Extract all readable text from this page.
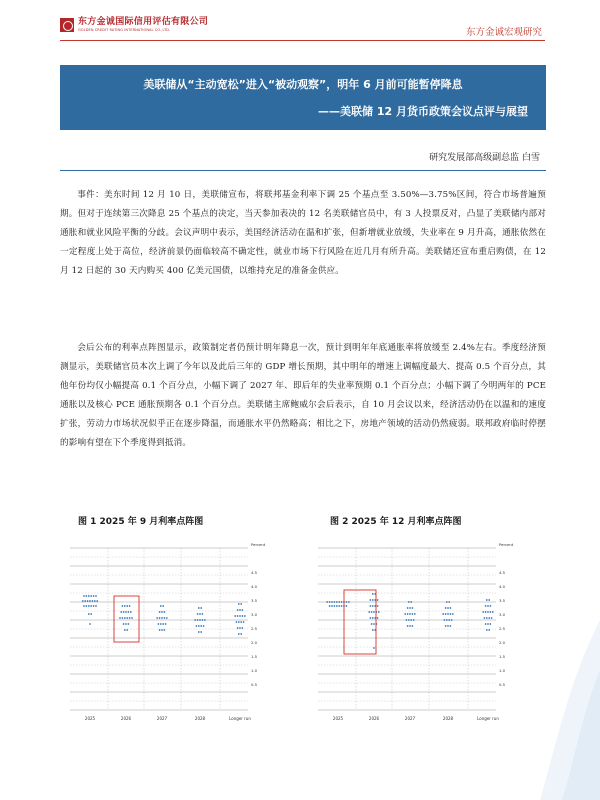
东方金诚国际信用评估有限公司
GOLDEN CREDIT RATING INTERNATIONAL CO.,LTD.	东方金诚宏观研究
美联储从“主动宽松”进入“被动观察”，明年 6 月前可能暂停降息
——美联储 12 月货币政策会议点评与展望
研究发展部高级副总监 白雪

事件：美东时间 12 月 10 日，美联储宣布，将联邦基金利率下调 25 个基点至 3.50%—3.75%区间，符合市场普遍预期。但对于连续第三次降息 25 个基点的决定，当天参加表决的 12 名美联储官员中，有 3 人投票反对，凸显了美联储内部对通胀和就业风险平衡的分歧。会议声明中表示，美国经济活动在温和扩张，但新增就业放缓，失业率在 9 月升高，通胀依然在一定程度上处于高位，经济前景仍面临较高不确定性，就业市场下行风险在近几月有所升高。美联储还宣布重启购债，在 12 月 12 日起的 30 天内购买 400 亿美元国债，以维持充足的准备金供应。

会后公布的利率点阵图显示，政策制定者仍预计明年降息一次，预计到明年年底通胀率将放缓至 2.4%左右。季度经济预测显示，美联储官员本次上调了今年以及此后三年的 GDP 增长预期，其中明年的增速上调幅度最大、提高 0.5 个百分点，其他年份均仅小幅提高 0.1 个百分点，小幅下调了 2027 年、即后年的失业率预期 0.1 个百分点；小幅下调了今明两年的 PCE 通胀以及核心 PCE 通胀预期各 0.1 个百分点。美联储主席鲍威尔会后表示，自 10 月会议以来，经济活动仍在以温和的速度扩张，劳动力市场状况似乎正在逐步降温，而通胀水平仍然略高；相比之下，房地产领域的活动仍然疲弱。联邦政府临时停摆的影响有望在下个季度得到抵消。

图 1 2025 年 9 月利率点阵图	图 2 2025 年 12 月利率点阵图
Percent
4.5
4.0
3.5
3.0
2.5
2.0
1.5
1.0
0.5
2025	2026	2027	2028	Longer run
Percent
4.5
4.0
3.5
3.0
2.5
2.0
1.5
1.0
0.5
2025	2026	2027	2028	Longer run
